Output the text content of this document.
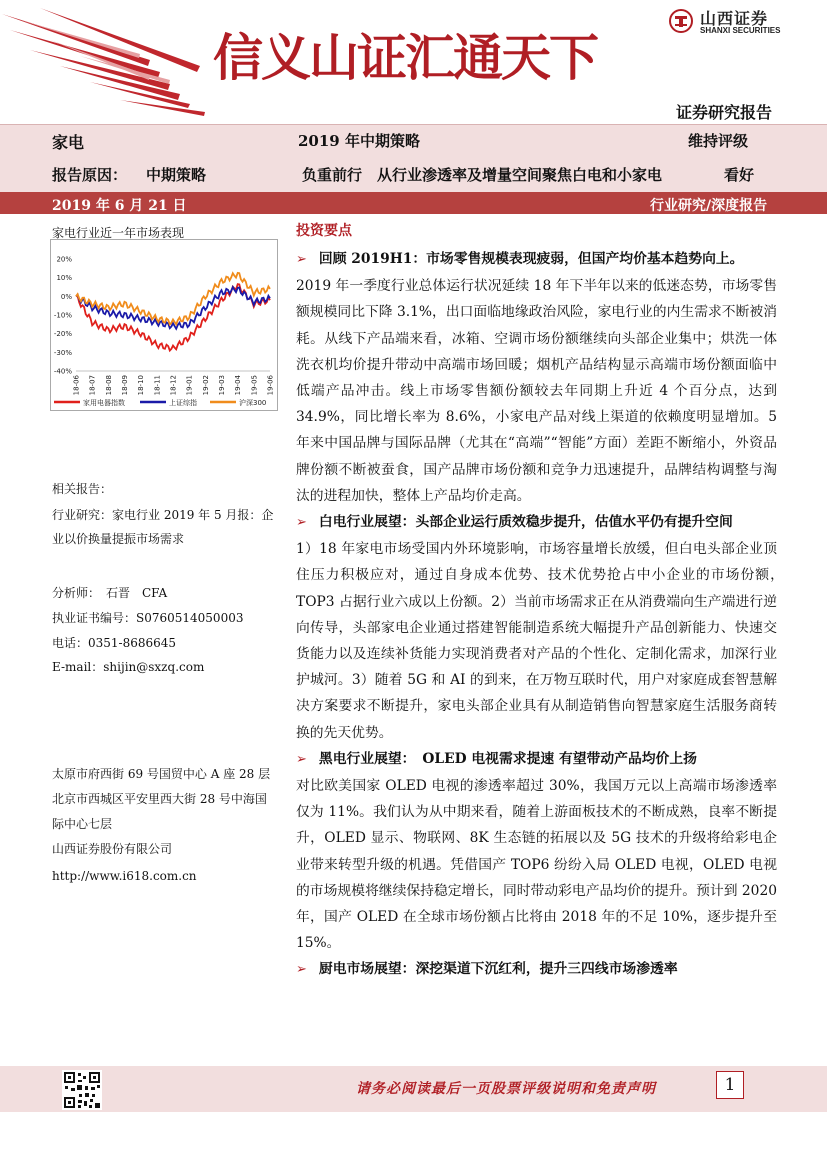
山西证券
SHANXI SECURITIES
信义山证汇通天下
证券研究报告
家电	2019 年中期策略	维持评级
报告原因： 中期策略	负重前行　从行业渗透率及增量空间聚焦白电和小家电	看好
2019 年 6 月 21 日	行业研究/深度报告
家电行业近一年市场表现
20%
10%
0%
-10%
-20%
-30%
-40%
18-06 18-07 18-08 18-09 18-10 18-11 18-12 19-01 19-02 19-03 19-04 19-05 19-06
家用电器指数	上证综指	沪深300
相关报告：
行业研究：家电行业 2019 年 5 月报：企
业以价换量提振市场需求
分析师：　石晋　CFA
执业证书编号：S0760514050003
电话：0351-8686645
E-mail：shijin@sxzq.com
太原市府西街 69 号国贸中心 A 座 28 层
北京市西城区平安里西大街 28 号中海国
际中心七层
山西证券股份有限公司
http://www.i618.com.cn
投资要点
➢ 回顾 2019H1：市场零售规模表现疲弱，但国产均价基本趋势向上。
2019 年一季度行业总体运行状况延续 18 年下半年以来的低迷态势，市场零售额规模同比下降 3.1%，出口面临地缘政治风险，家电行业的内生需求不断被消耗。从线下产品端来看，冰箱、空调市场份额继续向头部企业集中；烘洗一体洗衣机均价提升带动中高端市场回暖；烟机产品结构显示高端市场份额面临中低端产品冲击。线上市场零售额份额较去年同期上升近 4 个百分点，达到 34.9%，同比增长率为 8.6%，小家电产品对线上渠道的依赖度明显增加。5 年来中国品牌与国际品牌（尤其在“高端”“智能”方面）差距不断缩小，外资品牌份额不断被蚕食，国产品牌市场份额和竞争力迅速提升，品牌结构调整与淘汰的进程加快，整体上产品均价走高。
➢ 白电行业展望：头部企业运行质效稳步提升，估值水平仍有提升空间
1）18 年家电市场受国内外环境影响，市场容量增长放缓，但白电头部企业顶住压力积极应对，通过自身成本优势、技术优势抢占中小企业的市场份额，　TOP3 占据行业六成以上份额。2）当前市场需求正在从消费端向生产端进行逆向传导，头部家电企业通过搭建智能制造系统大幅提升产品创新能力、快速交货能力以及连续补货能力实现消费者对产品的个性化、定制化需求，加深行业护城河。3）随着 5G 和 AI 的到来，在万物互联时代，用户对家庭成套智慧解决方案要求不断提升，家电头部企业具有从制造销售向智慧家庭生活服务商转换的先天优势。
➢ 黑电行业展望：　OLED 电视需求提速 有望带动产品均价上扬
对比欧美国家 OLED 电视的渗透率超过 30%，我国万元以上高端市场渗透率仅为 11%。我们认为从中期来看，随着上游面板技术的不断成熟，良率不断提升，OLED 显示、物联网、8K 生态链的拓展以及 5G 技术的升级将给彩电企业带来转型升级的机遇。凭借国产 TOP6 纷纷入局 OLED 电视，OLED 电视的市场规模将继续保持稳定增长，同时带动彩电产品均价的提升。预计到 2020 年，国产 OLED 在全球市场份额占比将由 2018 年的不足 10%，逐步提升至 15%。
➢ 厨电市场展望：深挖渠道下沉红利，提升三四线市场渗透率
请务必阅读最后一页股票评级说明和免责声明	1
